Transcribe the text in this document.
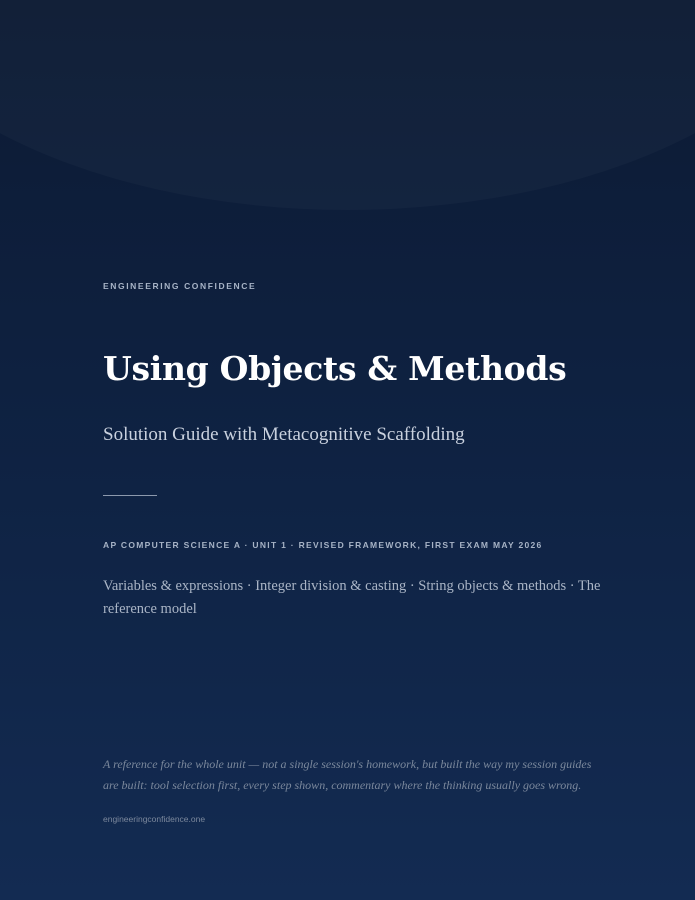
ENGINEERING CONFIDENCE
Using Objects & Methods
Solution Guide with Metacognitive Scaffolding
AP COMPUTER SCIENCE A · UNIT 1 · REVISED FRAMEWORK, FIRST EXAM MAY 2026
Variables & expressions · Integer division & casting · String objects & methods · The reference model
A reference for the whole unit — not a single session's homework, but built the way my session guides are built: tool selection first, every step shown, commentary where the thinking usually goes wrong.
engineeringconfidence.one
